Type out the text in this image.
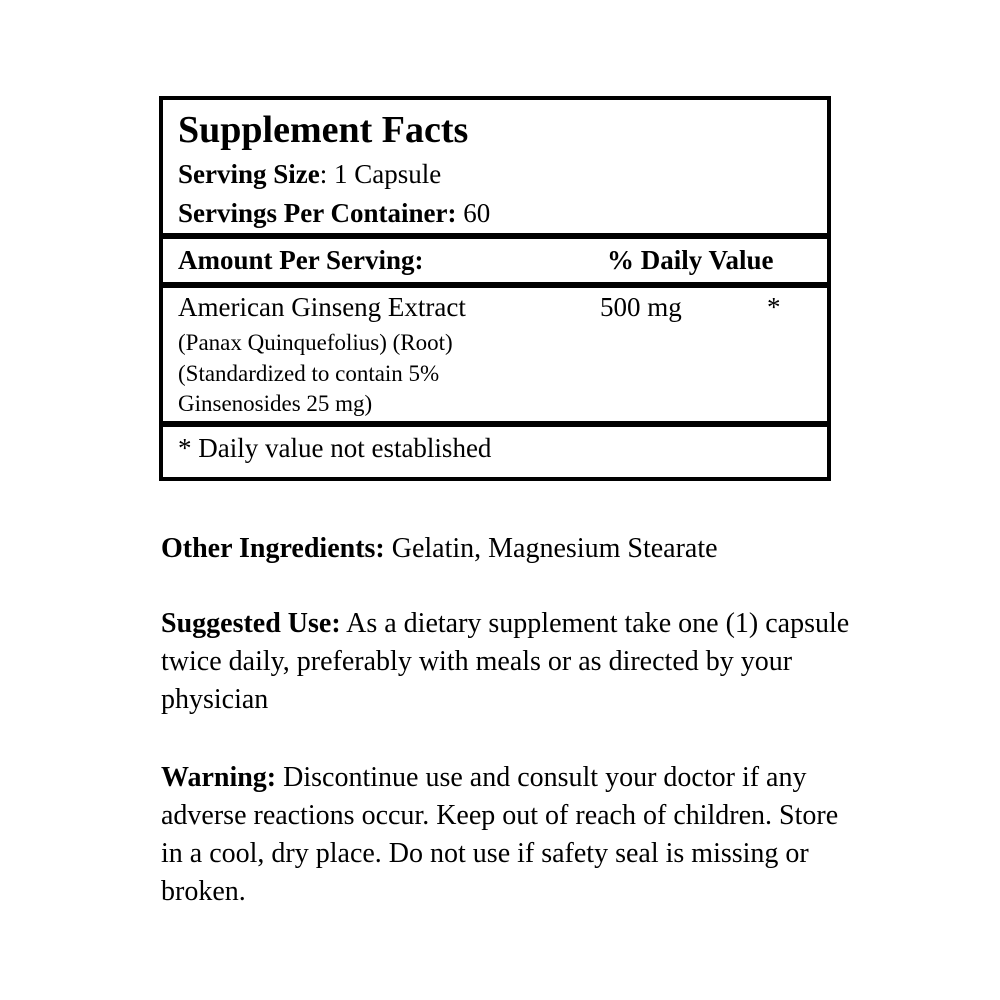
Supplement Facts
Serving Size: 1 Capsule
Servings Per Container: 60
Amount Per Serving:	% Daily Value
American Ginseng Extract	500 mg	*
(Panax Quinquefolius) (Root)
(Standardized to contain 5%
Ginsenosides 25 mg)
* Daily value not established
Other Ingredients: Gelatin, Magnesium Stearate
Suggested Use: As a dietary supplement take one (1) capsule twice daily, preferably with meals or as directed by your physician
Warning: Discontinue use and consult your doctor if any adverse reactions occur. Keep out of reach of children. Store in a cool, dry place. Do not use if safety seal is missing or broken.
